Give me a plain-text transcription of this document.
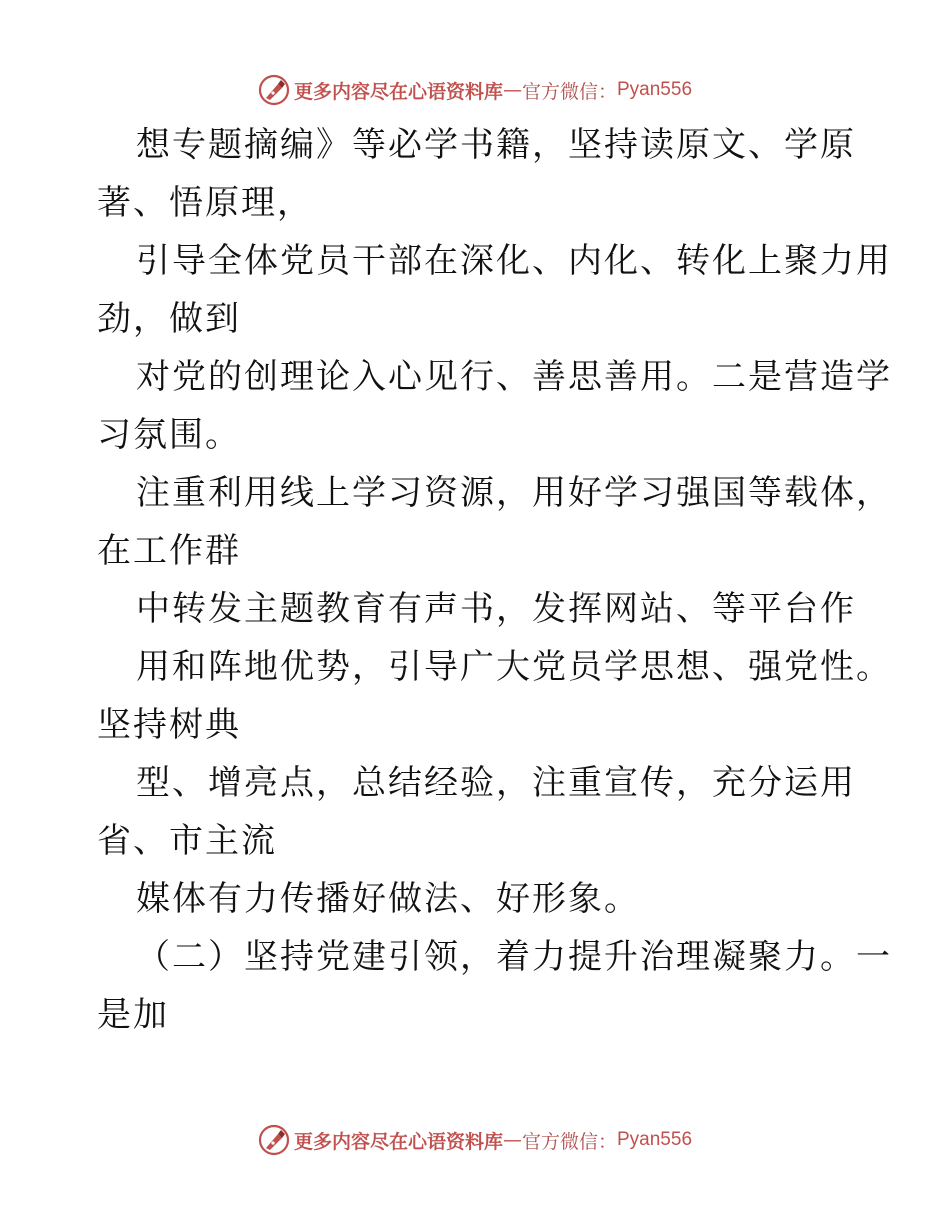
更多内容尽在心语资料库 — 官方微信： Pyan556
想专题摘编》等必学书籍，坚持读原文、学原
著、悟原理，
引导全体党员干部在深化、内化、转化上聚力用
劲，做到
对党的创理论入心见行、善思善用。二是营造学
习氛围。
注重利用线上学习资源，用好学习强国等载体，
在工作群
中转发主题教育有声书，发挥网站、等平台作
用和阵地优势，引导广大党员学思想、强党性。
坚持树典
型、增亮点，总结经验，注重宣传，充分运用
省、市主流
媒体有力传播好做法、好形象。
（二）坚持党建引领，着力提升治理凝聚力。一
是加
更多内容尽在心语资料库 — 官方微信： Pyan556
